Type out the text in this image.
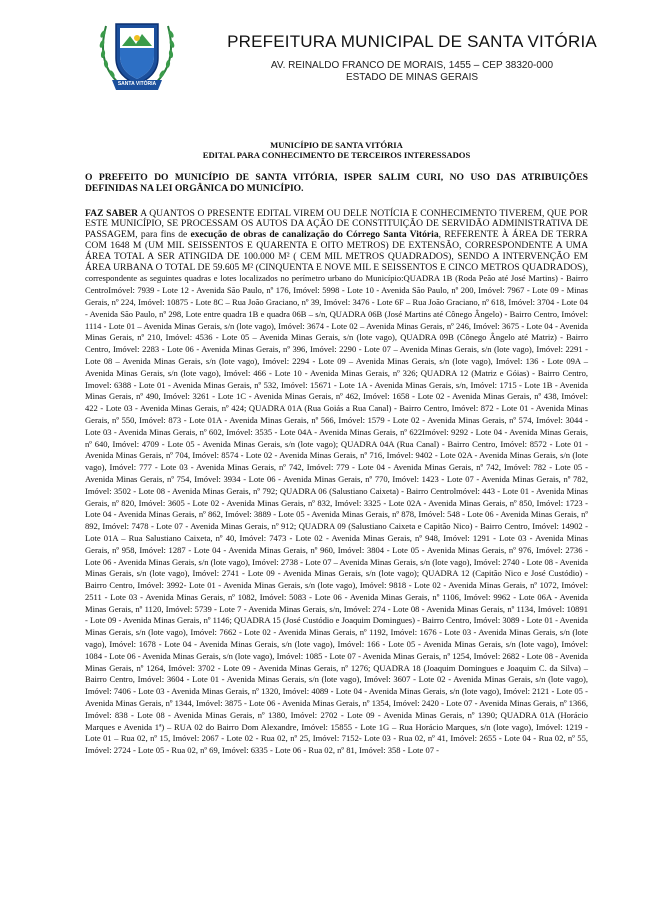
SANTA VITÓRIA
PREFEITURA MUNICIPAL DE SANTA VITÓRIA
AV. REINALDO FRANCO DE MORAIS, 1455 – CEP 38320-000
ESTADO DE MINAS GERAIS
MUNICÍPIO DE SANTA VITÓRIA
EDITAL PARA CONHECIMENTO DE TERCEIROS INTERESSADOS
O PREFEITO DO MUNICÍPIO DE SANTA VITÓRIA, ISPER SALIM CURI, NO USO DAS ATRIBUIÇÕES DEFINIDAS NA LEI ORGÂNICA DO MUNICÍPIO.
FAZ SABER A QUANTOS O PRESENTE EDITAL VIREM OU DELE NOTÍCIA E CONHECIMENTO TIVEREM, QUE POR ESTE MUNICÍPIO, SE PROCESSAM OS AUTOS DA AÇÃO DE CONSTITUIÇÃO DE SERVIDÃO ADMINISTRATIVA DE PASSAGEM, para fins de execução de obras de canalização do Córrego Santa Vitória, REFERENTE À ÁREA DE TERRA COM 1648 M (UM MIL SEISSENTOS E QUARENTA E OITO METROS) DE EXTENSÃO, CORRESPONDENTE A UMA ÁREA TOTAL A SER ATINGIDA DE 100.000 M² ( CEM MIL METROS QUADRADOS), SENDO A INTERVENÇÃO EM ÁREA URBANA O TOTAL DE 59.605 M² (CINQUENTA E NOVE MIL E SEISSENTOS E CINCO METROS QUADRADOS), correspondente as seguintes quadras e lotes localizados no perímetro urbano do Município:QUADRA 1B (Roda Peão até José Martins) - Bairro CentroImóvel: 7939 - Lote 12 - Avenida São Paulo, nº 176, Imóvel: 5998 - Lote 10 - Avenida São Paulo, nº 200, Imóvel: 7967 - Lote 09 - Minas Gerais, nº 224, Imóvel: 10875 - Lote 8C – Rua João Graciano, nº 39, Imóvel: 3476 - Lote 6F – Rua João Graciano, nº 618, Imóvel: 3704 - Lote 04 - Avenida São Paulo, nº 298, Lote entre quadra 1B e quadra 06B – s/n, QUADRA 06B (José Martins até Cônego Ângelo) - Bairro Centro, Imóvel: 1114 - Lote 01 – Avenida Minas Gerais, s/n (lote vago), Imóvel: 3674 - Lote 02 – Avenida Minas Gerais, nº 246, Imóvel: 3675 - Lote 04 - Avenida Minas Gerais, nº 210, Imóvel: 4536 - Lote 05 – Avenida Minas Gerais, s/n (lote vago), QUADRA 09B (Cônego Ângelo até Matriz) - Bairro Centro, Imóvel: 2283 - Lote 06 - Avenida Minas Gerais, nº 396, Imóvel: 2290 - Lote 07 – Avenida Minas Gerais, s/n (lote vago), Imóvel: 2291 - Lote 08 – Avenida Minas Gerais, s/n (lote vago), Imóvel: 2294 - Lote 09 – Avenida Minas Gerais, s/n (lote vago), Imóvel: 136 - Lote 09A – Avenida Minas Gerais, s/n (lote vago), Imóvel: 466 - Lote 10 - Avenida Minas Gerais, nº 326; QUADRA 12 (Matriz e Góias) - Bairro Centro, Imovel: 6388 - Lote 01 - Avenida Minas Gerais, nº 532, Imóvel: 15671 - Lote 1A - Avenida Minas Gerais, s/n, Imóvel: 1715 - Lote 1B - Avenida Minas Gerais, nº 490, Imóvel: 3261 - Lote 1C - Avenida Minas Gerais, nº 462, Imóvel: 1658 - Lote 02 - Avenida Minas Gerais, nº 438, Imóvel: 422 - Lote 03 - Avenida Minas Gerais, nº 424; QUADRA 01A (Rua Goiás a Rua Canal) - Bairro Centro, Imóvel: 872 - Lote 01 - Avenida Minas Gerais, nº 550, Imóvel: 873 - Lote 01A - Avenida Minas Gerais, nº 566, Imóvel: 1579 - Lote 02 - Avenida Minas Gerais, nº 574, Imóvel: 3044 - Lote 03 - Avenida Minas Gerais, nº 602, Imóvel: 3535 - Lote 04A - Avenida Minas Gerais, nº 622Imóvel: 9292 - Lote 04 - Avenida Minas Gerais, nº 640, Imóvel: 4709 - Lote 05 - Avenida Minas Gerais, s/n (lote vago); QUADRA 04A (Rua Canal) - Bairro Centro, Imóvel: 8572 - Lote 01 - Avenida Minas Gerais, nº 704, Imóvel: 8574 - Lote 02 - Avenida Minas Gerais, nº 716, Imóvel: 9402 - Lote 02A - Avenida Minas Gerais, s/n (lote vago), Imóvel: 777 - Lote 03 - Avenida Minas Gerais, nº 742, Imóvel: 779 - Lote 04 - Avenida Minas Gerais, nº 742, Imóvel: 782 - Lote 05 - Avenida Minas Gerais, nº 754, Imóvel: 3934 - Lote 06 - Avenida Minas Gerais, nº 770, Imóvel: 1423 - Lote 07 - Avenida Minas Gerais, nº 782, Imóvel: 3502 - Lote 08 - Avenida Minas Gerais, nº 792; QUADRA 06 (Salustiano Caixeta) - Bairro Centrolmóvel: 443 - Lote 01 - Avenida Minas Gerais, nº 820, Imóvel: 3605 - Lote 02 - Avenida Minas Gerais, nº 832, Imóvel: 3325 - Lote 02A - Avenida Minas Gerais, nº 850, Imóvel: 1723 - Lote 04 - Avenida Minas Gerais, nº 862, Imóvel: 3889 - Lote 05 - Avenida Minas Gerais, nº 878, Imóvel: 548 - Lote 06 - Avenida Minas Gerais, nº 892, Imóvel: 7478 - Lote 07 - Avenida Minas Gerais, nº 912; QUADRA 09 (Salustiano Caixeta e Capitão Nico) - Bairro Centro, Imóvel: 14902 - Lote 01A – Rua Salustiano Caixeta, nº 40, Imóvel: 7473 - Lote 02 - Avenida Minas Gerais, nº 948, Imóvel: 1291 - Lote 03 - Avenida Minas Gerais, nº 958, Imóvel: 1287 - Lote 04 - Avenida Minas Gerais, nº 960, Imóvel: 3804 - Lote 05 - Avenida Minas Gerais, nº 976, Imóvel: 2736 - Lote 06 - Avenida Minas Gerais, s/n (lote vago), Imóvel: 2738 - Lote 07 – Avenida Minas Gerais, s/n (lote vago), Imóvel: 2740 - Lote 08 - Avenida Minas Gerais, s/n (lote vago), Imóvel: 2741 - Lote 09 - Avenida Minas Gerais, s/n (lote vago); QUADRA 12 (Capitão Nico e José Custódio) - Bairro Centro, Imóvel: 3992- Lote 01 - Avenida Minas Gerais, s/n (lote vago), Imóvel: 9818 - Lote 02 - Avenida Minas Gerais, nº 1072, Imóvel: 2511 - Lote 03 - Avenida Minas Gerais, nº 1082, Imóvel: 5083 - Lote 06 - Avenida Minas Gerais, nº 1106, Imóvel: 9962 - Lote 06A - Avenida Minas Gerais, nº 1120, Imóvel: 5739 - Lote 7 - Avenida Minas Gerais, s/n, Imóvel: 274 - Lote 08 - Avenida Minas Gerais, nº 1134, Imóvel: 10891 - Lote 09 - Avenida Minas Gerais, nº 1146; QUADRA 15 (José Custódio e Joaquim Domingues) - Bairro Centro, Imóvel: 3089 - Lote 01 - Avenida Minas Gerais, s/n (lote vago), Imóvel: 7662 - Lote 02 - Avenida Minas Gerais, nº 1192, Imóvel: 1676 - Lote 03 - Avenida Minas Gerais, s/n (lote vago), Imóvel: 1678 - Lote 04 - Avenida Minas Gerais, s/n (lote vago), Imóvel: 166 - Lote 05 - Avenida Minas Gerais, s/n (lote vago), Imóvel: 1084 - Lote 06 - Avenida Minas Gerais, s/n (lote vago), Imóvel: 1085 - Lote 07 - Avenida Minas Gerais, nº 1254, Imóvel: 2682 - Lote 08 - Avenida Minas Gerais, nº 1264, Imóvel: 3702 - Lote 09 - Avenida Minas Gerais, nº 1276; QUADRA 18 (Joaquim Domingues e Joaquim C. da Silva) – Bairro Centro, Imóvel: 3604 - Lote 01 - Avenida Minas Gerais, s/n (lote vago), Imóvel: 3607 - Lote 02 - Avenida Minas Gerais, s/n (lote vago), Imóvel: 7406 - Lote 03 - Avenida Minas Gerais, nº 1320, Imóvel: 4089 - Lote 04 - Avenida Minas Gerais, s/n (lote vago), Imóvel: 2121 - Lote 05 - Avenida Minas Gerais, nº 1344, Imóvel: 3875 - Lote 06 - Avenida Minas Gerais, nº 1354, Imóvel: 2420 - Lote 07 - Avenida Minas Gerais, nº 1366, Imóvel: 838 - Lote 08 - Avenida Minas Gerais, nº 1380, Imóvel: 2702 - Lote 09 - Avenida Minas Gerais, nº 1390; QUADRA 01A (Horácio Marques e Avenida 1ª) – RUA 02 do Bairro Dom Alexandre, Imóvel: 15855 - Lote 1G – Rua Horácio Marques, s/n (lote vago), Imóvel: 1219 - Lote 01 – Rua 02, nº 15, Imóvel: 2067 - Lote 02 - Rua 02, nº 25, Imóvel: 7152- Lote 03 - Rua 02, nº 41, Imóvel: 2655 - Lote 04 - Rua 02, nº 55, Imóvel: 2724 - Lote 05 - Rua 02, nº 69, Imóvel: 6335 - Lote 06 - Rua 02, nº 81, Imóvel: 358 - Lote 07 -
